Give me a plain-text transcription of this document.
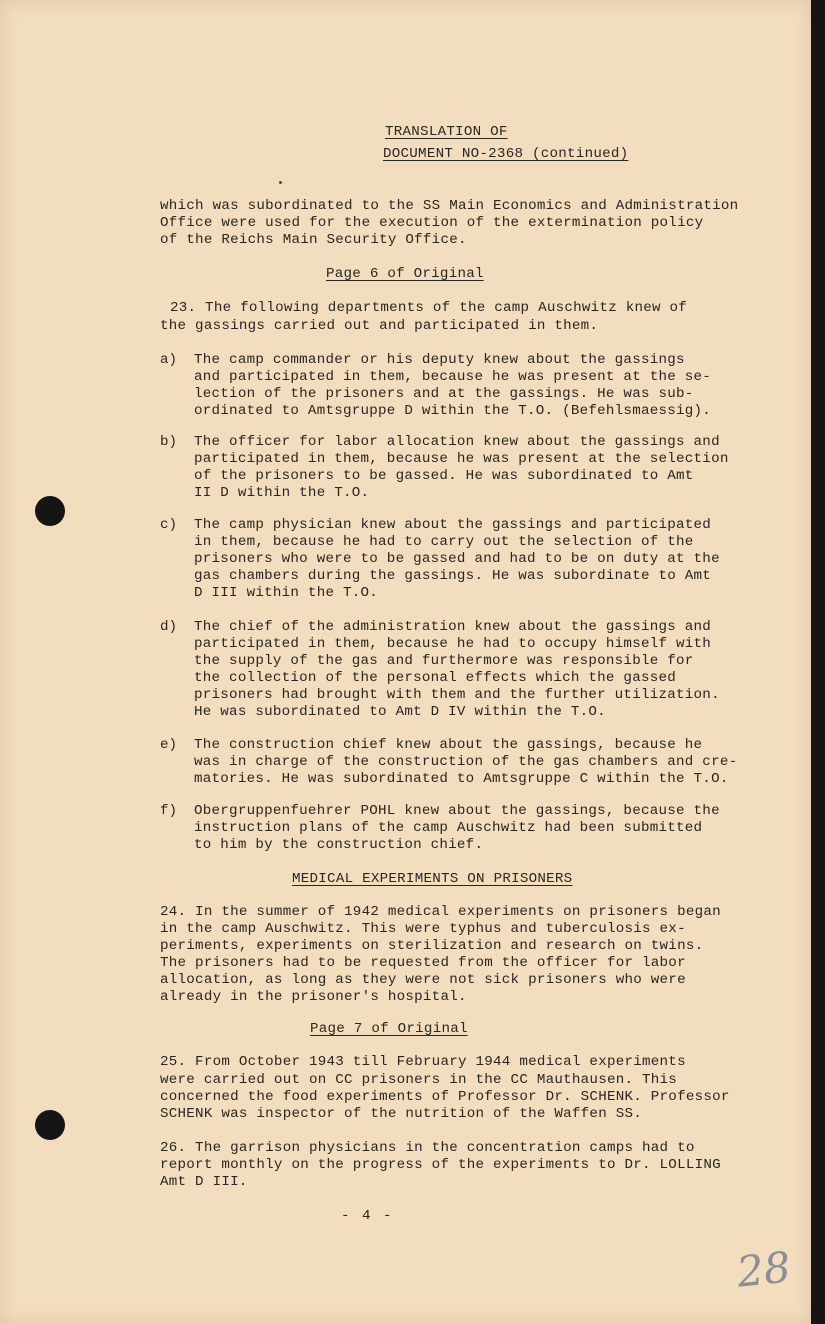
TRANSLATION OF
DOCUMENT NO-2368 (continued)
which was subordinated to the SS Main Economics and Administration
Office were used for the execution of the extermination policy
of the Reichs Main Security Office.
Page 6 of Original
23. The following departments of the camp Auschwitz knew of
the gassings carried out and participated in them.
a) The camp commander or his deputy knew about the gassings
and participated in them, because he was present at the se-
lection of the prisoners and at the gassings. He was sub-
ordinated to Amtsgruppe D within the T.O. (Befehlsmaessig).
b) The officer for labor allocation knew about the gassings and
participated in them, because he was present at the selection
of the prisoners to be gassed. He was subordinated to Amt
II D within the T.O.
c) The camp physician knew about the gassings and participated
in them, because he had to carry out the selection of the
prisoners who were to be gassed and had to be on duty at the
gas chambers during the gassings. He was subordinate to Amt
D III within the T.O.
d) The chief of the administration knew about the gassings and
participated in them, because he had to occupy himself with
the supply of the gas and furthermore was responsible for
the collection of the personal effects which the gassed
prisoners had brought with them and the further utilization.
He was subordinated to Amt D IV within the T.O.
e) The construction chief knew about the gassings, because he
was in charge of the construction of the gas chambers and cre-
matories. He was subordinated to Amtsgruppe C within the T.O.
f) Obergruppenfuehrer POHL knew about the gassings, because the
instruction plans of the camp Auschwitz had been submitted
to him by the construction chief.
MEDICAL EXPERIMENTS ON PRISONERS
24. In the summer of 1942 medical experiments on prisoners began
in the camp Auschwitz. This were typhus and tuberculosis ex-
periments, experiments on sterilization and research on twins.
The prisoners had to be requested from the officer for labor
allocation, as long as they were not sick prisoners who were
already in the prisoner's hospital.
Page 7 of Original
25. From October 1943 till February 1944 medical experiments
were carried out on CC prisoners in the CC Mauthausen. This
concerned the food experiments of Professor Dr. SCHENK. Professor
SCHENK was inspector of the nutrition of the Waffen SS.
26. The garrison physicians in the concentration camps had to
report monthly on the progress of the experiments to Dr. LOLLING
Amt D III.
- 4 -
28
